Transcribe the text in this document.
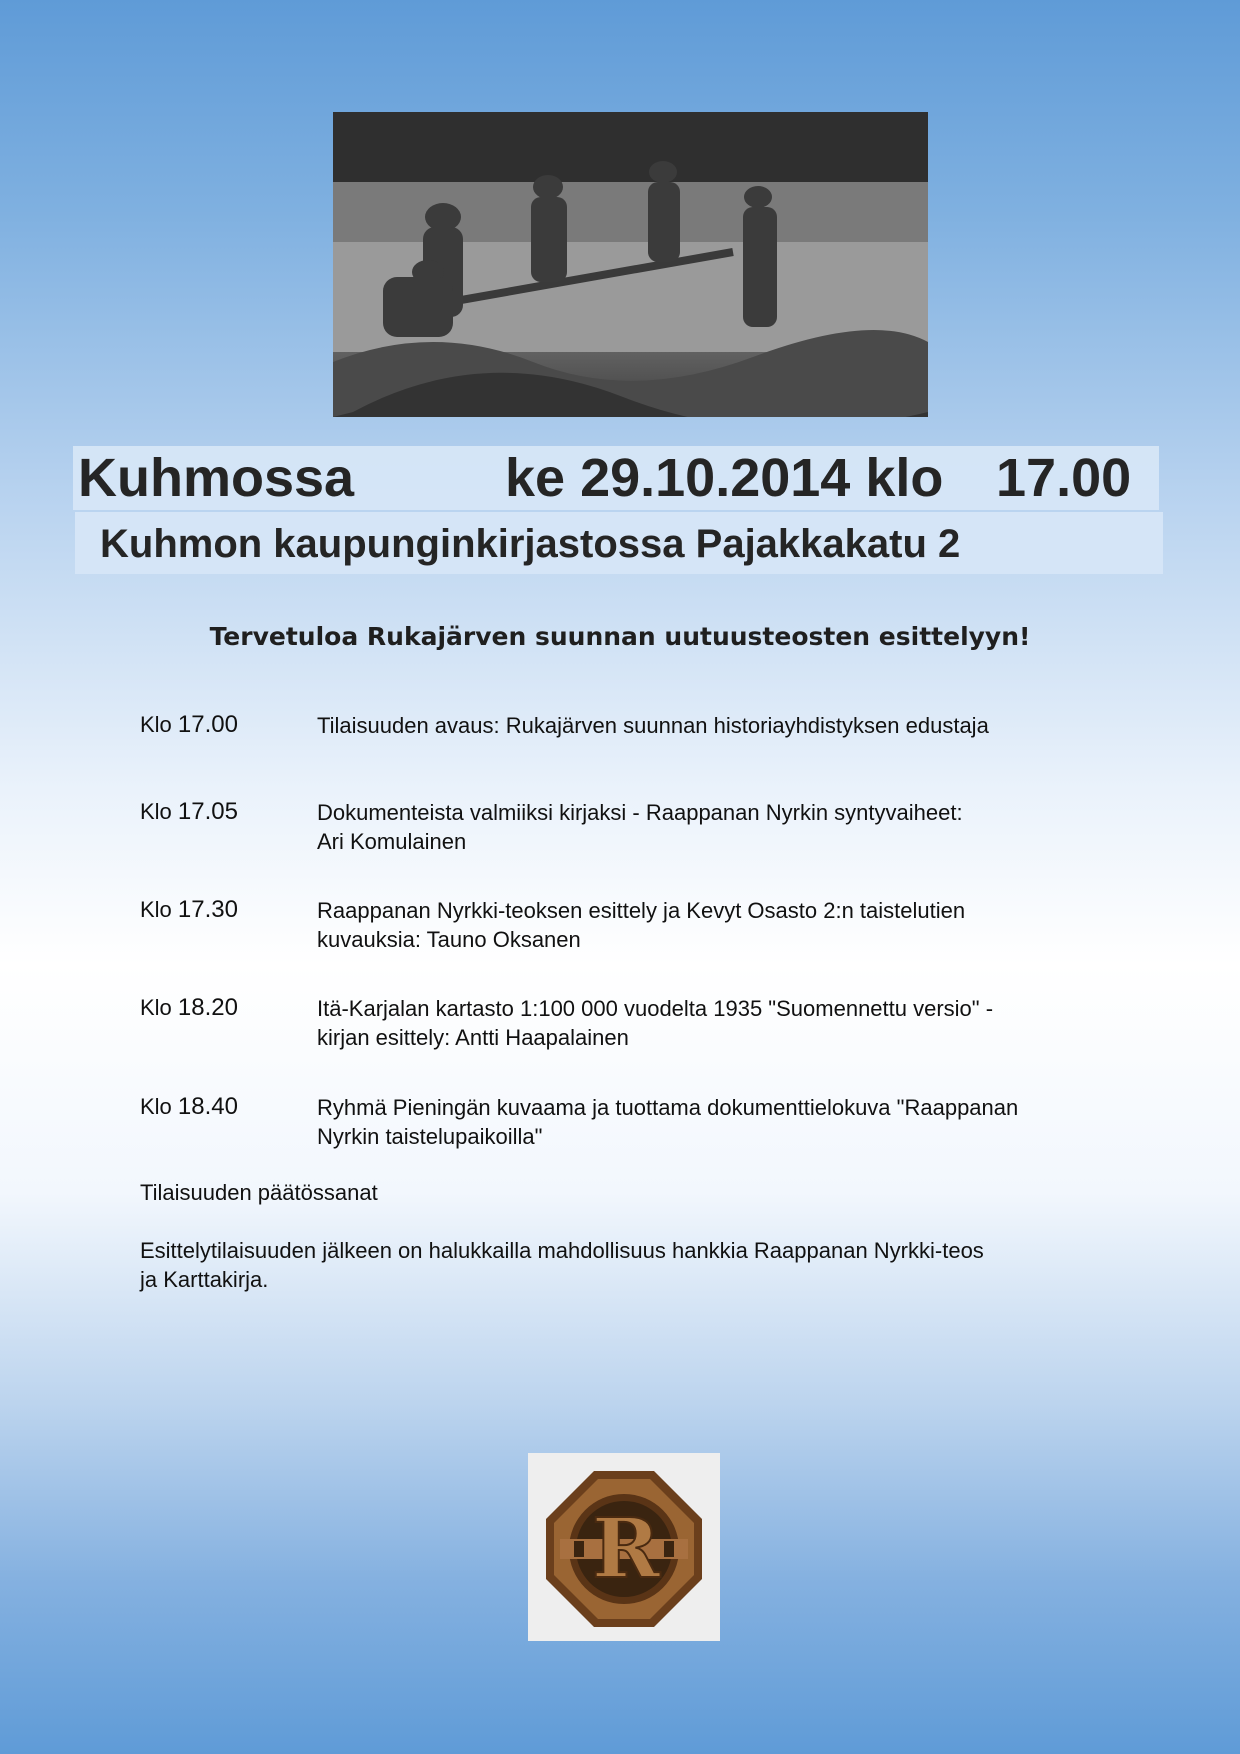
Kuhmossa	ke 29.10.2014 klo 17.00
Kuhmon kaupunginkirjastossa Pajakkakatu 2
Tervetuloa Rukajärven suunnan uutuusteosten esittelyyn!
Klo 17.00	Tilaisuuden avaus: Rukajärven suunnan historiayhdistyksen edustaja
Klo 17.05	Dokumenteista valmiiksi kirjaksi - Raappanan Nyrkin syntyvaiheet:
Ari Komulainen
Klo 17.30	Raappanan Nyrkki-teoksen esittely ja Kevyt Osasto 2:n taistelutien
kuvauksia: Tauno Oksanen
Klo 18.20	Itä-Karjalan kartasto 1:100 000 vuodelta 1935 "Suomennettu versio" -
kirjan esittely: Antti Haapalainen
Klo 18.40	Ryhmä Pieningän kuvaama ja tuottama dokumenttielokuva "Raappanan
Nyrkin taistelupaikoilla"
Tilaisuuden päätössanat
Esittelytilaisuuden jälkeen on halukkailla mahdollisuus hankkia Raappanan Nyrkki-teos
ja Karttakirja.
R
